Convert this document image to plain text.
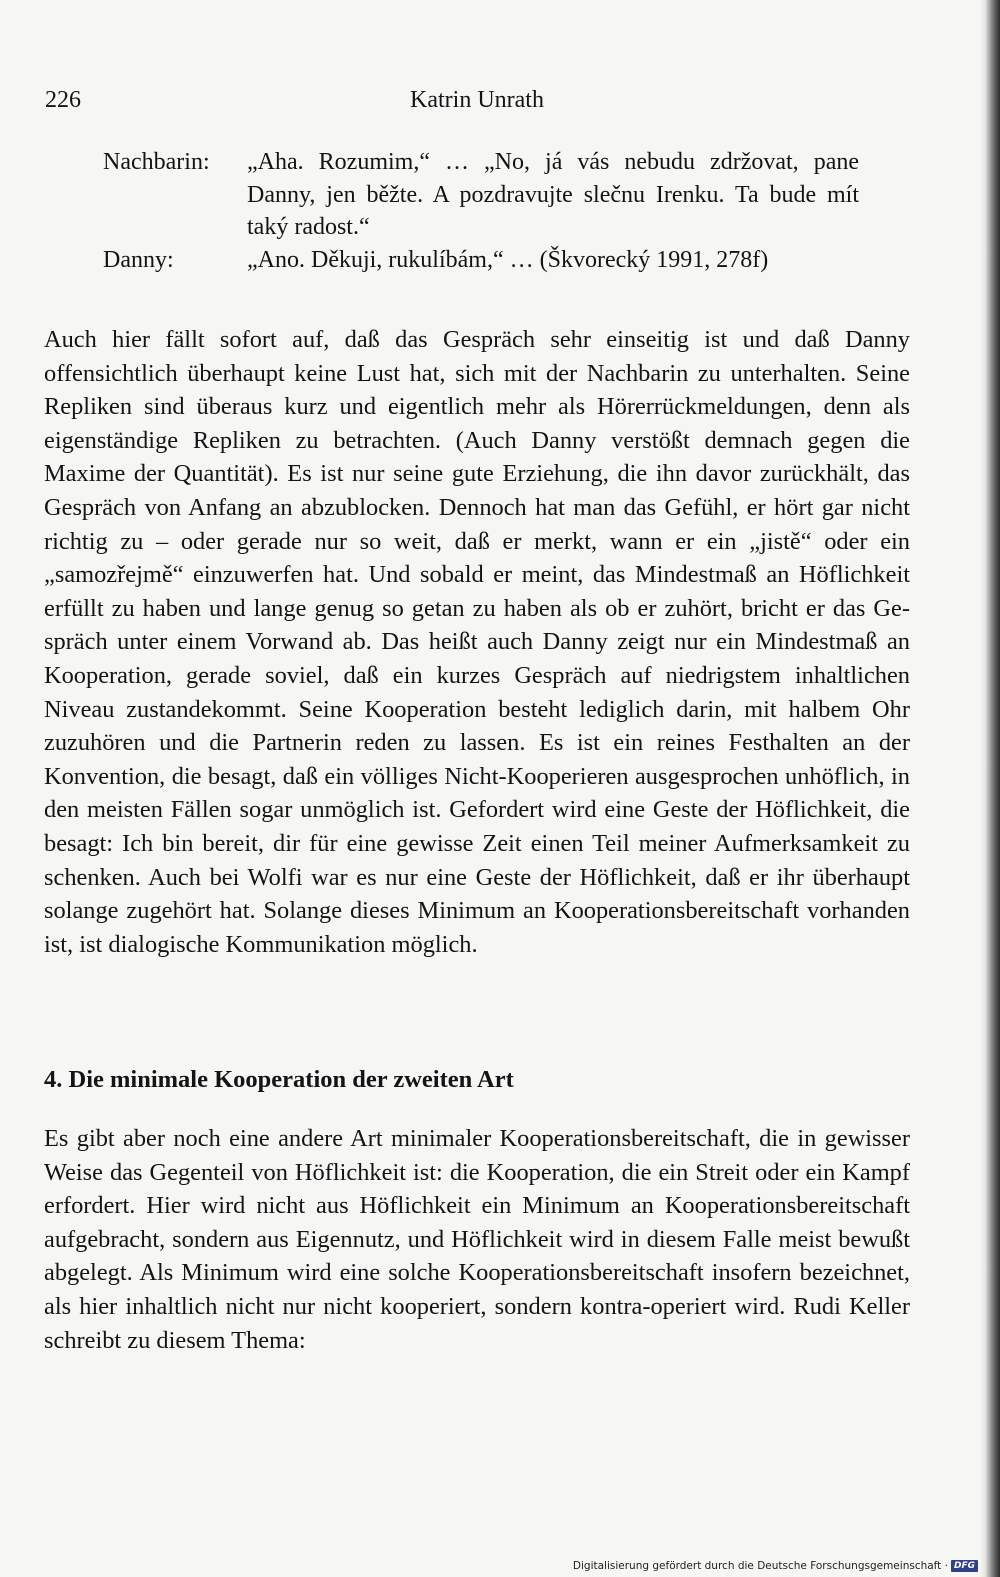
226	Katrin Unrath
Nachbarin:	„Aha. Rozumim,“ … „No, já vás nebudu zdržovat, pane Danny, jen běžte. A pozdravujte slečnu Irenku. Ta bude mít taký radost.“
Danny:	„Ano. Děkuji, rukulíbám,“ … (Škvorecký 1991, 278f)

Auch hier fällt sofort auf, daß das Gespräch sehr einseitig ist und daß Danny offensichtlich überhaupt keine Lust hat, sich mit der Nachbarin zu unterhalten. Seine Repliken sind überaus kurz und eigentlich mehr als Hörerrückmeldungen, denn als eigenständige Repliken zu betrachten. (Auch Danny verstößt demnach gegen die Maxime der Quantität). Es ist nur seine gute Erziehung, die ihn davor zurückhält, das Gespräch von Anfang an abzublocken. Dennoch hat man das Gefühl, er hört gar nicht richtig zu – oder gerade nur so weit, daß er merkt, wann er ein „jistě“ oder ein „samozřejmě“ einzuwerfen hat. Und sobald er meint, das Mindestmaß an Höflichkeit erfüllt zu haben und lange genug so getan zu haben als ob er zuhört, bricht er das Gespräch unter einem Vorwand ab. Das heißt auch Danny zeigt nur ein Mindestmaß an Kooperation, gerade soviel, daß ein kurzes Gespräch auf niedrigstem inhaltlichen Niveau zustandekommt. Seine Kooperation besteht lediglich darin, mit halbem Ohr zuzuhören und die Partnerin reden zu lassen. Es ist ein reines Festhalten an der Konvention, die besagt, daß ein völliges Nicht-Kooperieren ausgesprochen unhöflich, in den meisten Fällen sogar unmöglich ist. Gefordert wird eine Geste der Höflichkeit, die besagt: Ich bin bereit, dir für eine gewisse Zeit einen Teil meiner Aufmerksamkeit zu schenken. Auch bei Wolfi war es nur eine Geste der Höflichkeit, daß er ihr überhaupt solange zugehört hat. Solange dieses Minimum an Kooperationsbereitschaft vorhanden ist, ist dialogische Kommunikation möglich.

4. Die minimale Kooperation der zweiten Art

Es gibt aber noch eine andere Art minimaler Kooperationsbereitschaft, die in gewisser Weise das Gegenteil von Höflichkeit ist: die Kooperation, die ein Streit oder ein Kampf erfordert. Hier wird nicht aus Höflichkeit ein Minimum an Kooperationsbereitschaft aufgebracht, sondern aus Eigennutz, und Höflichkeit wird in diesem Falle meist bewußt abgelegt. Als Minimum wird eine solche Kooperationsbereitschaft insofern bezeichnet, als hier inhaltlich nicht nur nicht kooperiert, sondern kontra-operiert wird. Rudi Keller schreibt zu diesem Thema:

Digitalisierung gefördert durch die Deutsche Forschungsgemeinschaft · DFG
